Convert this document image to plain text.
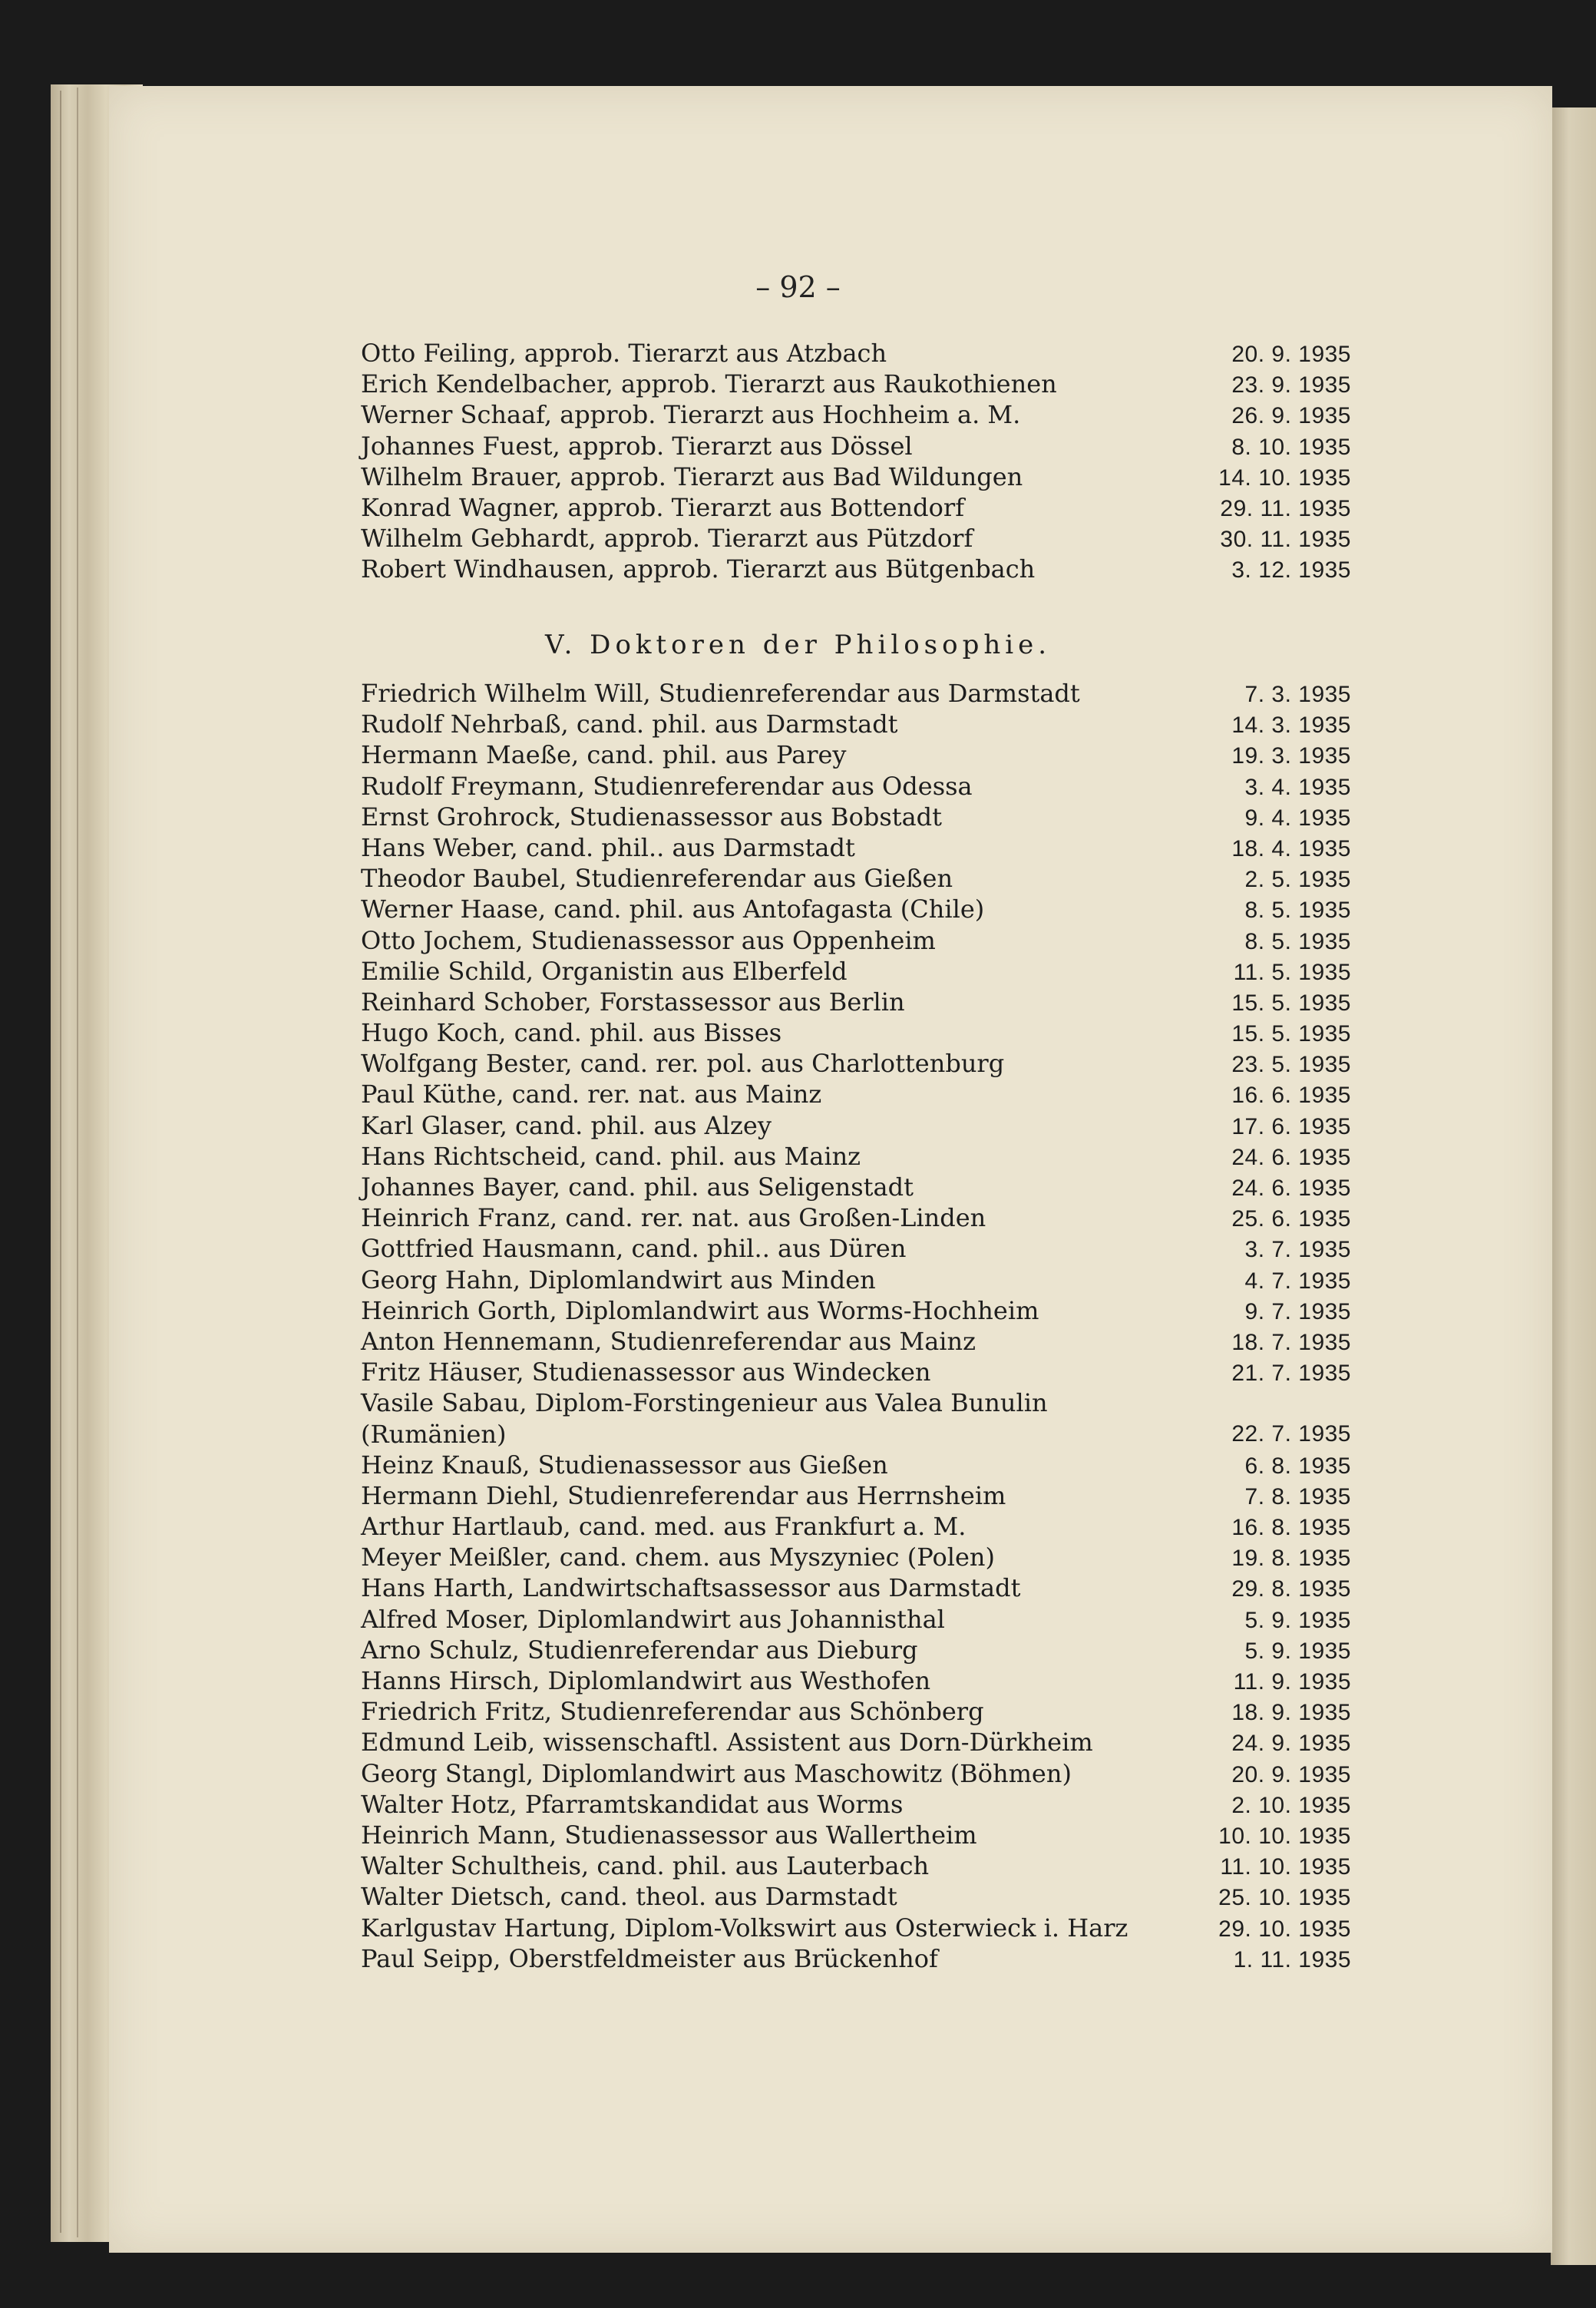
– 92 –
Otto Feiling, approb. Tierarzt aus Atzbach	20. 9. 1935
Erich Kendelbacher, approb. Tierarzt aus Raukothienen	23. 9. 1935
Werner Schaaf, approb. Tierarzt aus Hochheim a. M.	26. 9. 1935
Johannes Fuest, approb. Tierarzt aus Dössel	8. 10. 1935
Wilhelm Brauer, approb. Tierarzt aus Bad Wildungen	14. 10. 1935
Konrad Wagner, approb. Tierarzt aus Bottendorf	29. 11. 1935
Wilhelm Gebhardt, approb. Tierarzt aus Pützdorf	30. 11. 1935
Robert Windhausen, approb. Tierarzt aus Bütgenbach	3. 12. 1935
V. Doktoren der Philosophie.
Friedrich Wilhelm Will, Studienreferendar aus Darmstadt	7. 3. 1935
Rudolf Nehrbaß, cand. phil. aus Darmstadt	14. 3. 1935
Hermann Maeße, cand. phil. aus Parey	19. 3. 1935
Rudolf Freymann, Studienreferendar aus Odessa	3. 4. 1935
Ernst Grohrock, Studienassessor aus Bobstadt	9. 4. 1935
Hans Weber, cand. phil.. aus Darmstadt	18. 4. 1935
Theodor Baubel, Studienreferendar aus Gießen	2. 5. 1935
Werner Haase, cand. phil. aus Antofagasta (Chile)	8. 5. 1935
Otto Jochem, Studienassessor aus Oppenheim	8. 5. 1935
Emilie Schild, Organistin aus Elberfeld	11. 5. 1935
Reinhard Schober, Forstassessor aus Berlin	15. 5. 1935
Hugo Koch, cand. phil. aus Bisses	15. 5. 1935
Wolfgang Bester, cand. rer. pol. aus Charlottenburg	23. 5. 1935
Paul Küthe, cand. rer. nat. aus Mainz	16. 6. 1935
Karl Glaser, cand. phil. aus Alzey	17. 6. 1935
Hans Richtscheid, cand. phil. aus Mainz	24. 6. 1935
Johannes Bayer, cand. phil. aus Seligenstadt	24. 6. 1935
Heinrich Franz, cand. rer. nat. aus Großen-Linden	25. 6. 1935
Gottfried Hausmann, cand. phil.. aus Düren	3. 7. 1935
Georg Hahn, Diplomlandwirt aus Minden	4. 7. 1935
Heinrich Gorth, Diplomlandwirt aus Worms-Hochheim	9. 7. 1935
Anton Hennemann, Studienreferendar aus Mainz	18. 7. 1935
Fritz Häuser, Studienassessor aus Windecken	21. 7. 1935
Vasile Sabau, Diplom-Forstingenieur aus Valea Bunulin
(Rumänien)	22. 7. 1935
Heinz Knauß, Studienassessor aus Gießen	6. 8. 1935
Hermann Diehl, Studienreferendar aus Herrnsheim	7. 8. 1935
Arthur Hartlaub, cand. med. aus Frankfurt a. M.	16. 8. 1935
Meyer Meißler, cand. chem. aus Myszyniec (Polen)	19. 8. 1935
Hans Harth, Landwirtschaftsassessor aus Darmstadt	29. 8. 1935
Alfred Moser, Diplomlandwirt aus Johannisthal	5. 9. 1935
Arno Schulz, Studienreferendar aus Dieburg	5. 9. 1935
Hanns Hirsch, Diplomlandwirt aus Westhofen	11. 9. 1935
Friedrich Fritz, Studienreferendar aus Schönberg	18. 9. 1935
Edmund Leib, wissenschaftl. Assistent aus Dorn-Dürkheim	24. 9. 1935
Georg Stangl, Diplomlandwirt aus Maschowitz (Böhmen)	20. 9. 1935
Walter Hotz, Pfarramtskandidat aus Worms	2. 10. 1935
Heinrich Mann, Studienassessor aus Wallertheim	10. 10. 1935
Walter Schultheis, cand. phil. aus Lauterbach	11. 10. 1935
Walter Dietsch, cand. theol. aus Darmstadt	25. 10. 1935
Karlgustav Hartung, Diplom-Volkswirt aus Osterwieck i. Harz	29. 10. 1935
Paul Seipp, Oberstfeldmeister aus Brückenhof	1. 11. 1935
